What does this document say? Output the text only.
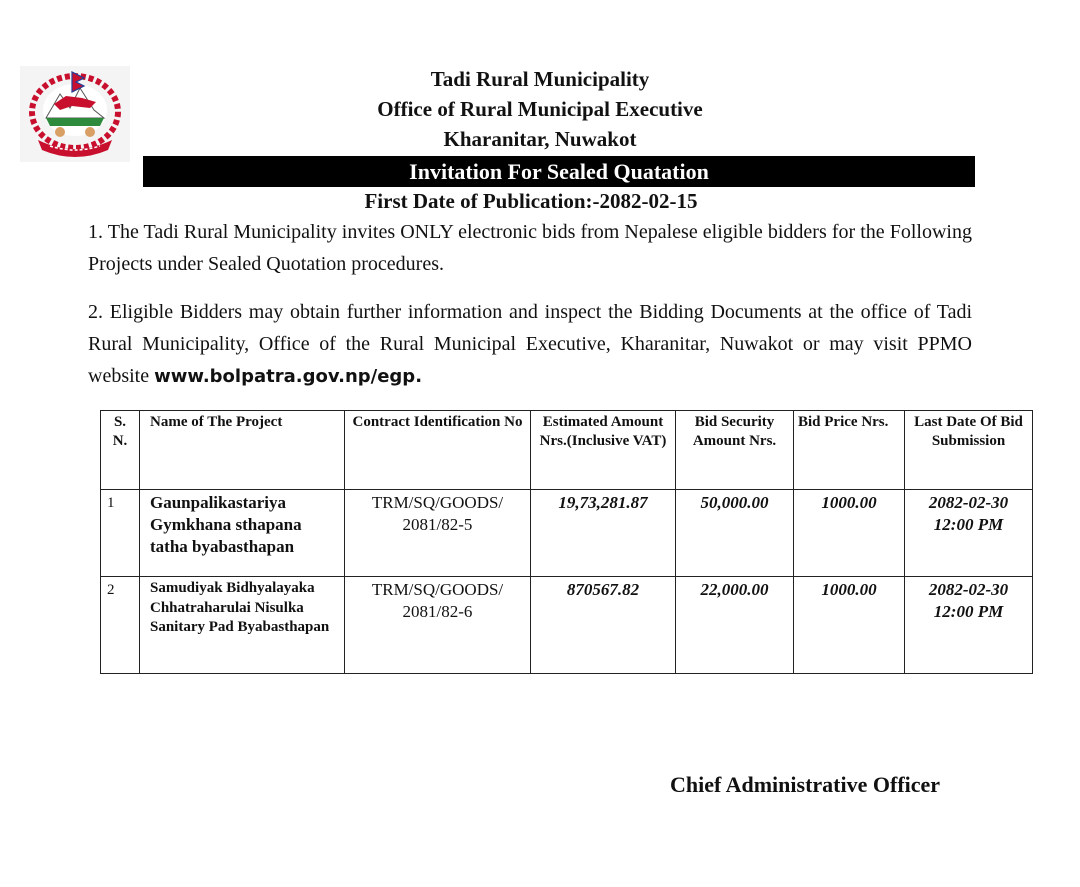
Tadi Rural Municipality
Office of Rural Municipal Executive
Kharanitar, Nuwakot
Invitation For Sealed Quatation
First Date of Publication:-2082-02-15
1. The Tadi Rural Municipality invites ONLY electronic bids from Nepalese eligible bidders for the Following Projects under Sealed Quotation procedures.
2. Eligible Bidders may obtain further information and inspect the Bidding Documents at the office of Tadi Rural Municipality, Office of the Rural Municipal Executive, Kharanitar, Nuwakot or may visit PPMO website www.bolpatra.gov.np/egp.
S. N.	Name of The Project	Contract Identification No	Estimated Amount Nrs.(Inclusive VAT)	Bid Security Amount Nrs.	Bid Price Nrs.	Last Date Of Bid Submission
1	Gaunpalikastariya Gymkhana sthapana tatha byabasthapan	TRM/SQ/GOODS/ 2081/82-5	19,73,281.87	50,000.00	1000.00	2082-02-30 12:00 PM
2	Samudiyak Bidhyalayaka Chhatraharulai Nisulka Sanitary Pad Byabasthapan	TRM/SQ/GOODS/ 2081/82-6	870567.82	22,000.00	1000.00	2082-02-30 12:00 PM
Chief Administrative Officer
